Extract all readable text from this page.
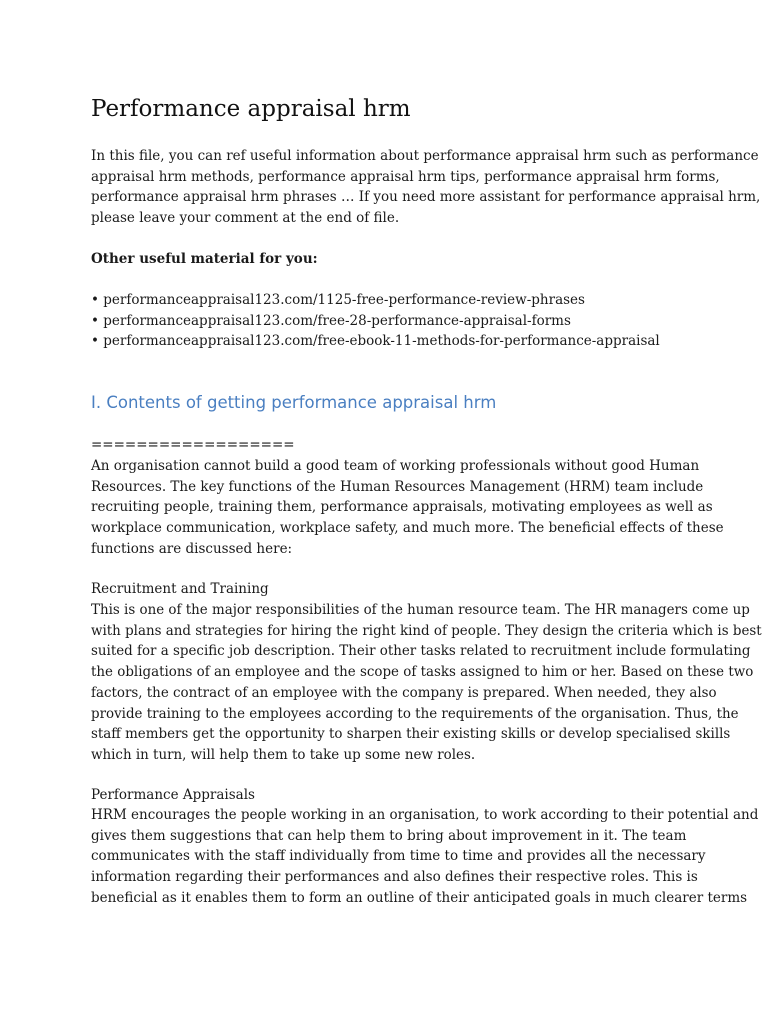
Performance appraisal hrm

In this file, you can ref useful information about performance appraisal hrm such as performance
appraisal hrm methods, performance appraisal hrm tips, performance appraisal hrm forms,
performance appraisal hrm phrases … If you need more assistant for performance appraisal hrm,
please leave your comment at the end of file.

Other useful material for you:

• performanceappraisal123.com/1125-free-performance-review-phrases
• performanceappraisal123.com/free-28-performance-appraisal-forms
• performanceappraisal123.com/free-ebook-11-methods-for-performance-appraisal
I. Contents of getting performance appraisal hrm

==================

An organisation cannot build a good team of working professionals without good Human
Resources. The key functions of the Human Resources Management (HRM) team include
recruiting people, training them, performance appraisals, motivating employees as well as
workplace communication, workplace safety, and much more. The beneficial effects of these
functions are discussed here:

Recruitment and Training

This is one of the major responsibilities of the human resource team. The HR managers come up
with plans and strategies for hiring the right kind of people. They design the criteria which is best
suited for a specific job description. Their other tasks related to recruitment include formulating
the obligations of an employee and the scope of tasks assigned to him or her. Based on these two
factors, the contract of an employee with the company is prepared. When needed, they also
provide training to the employees according to the requirements of the organisation. Thus, the
staff members get the opportunity to sharpen their existing skills or develop specialised skills
which in turn, will help them to take up some new roles.

Performance Appraisals

HRM encourages the people working in an organisation, to work according to their potential and
gives them suggestions that can help them to bring about improvement in it. The team
communicates with the staff individually from time to time and provides all the necessary
information regarding their performances and also defines their respective roles. This is
beneficial as it enables them to form an outline of their anticipated goals in much clearer terms
